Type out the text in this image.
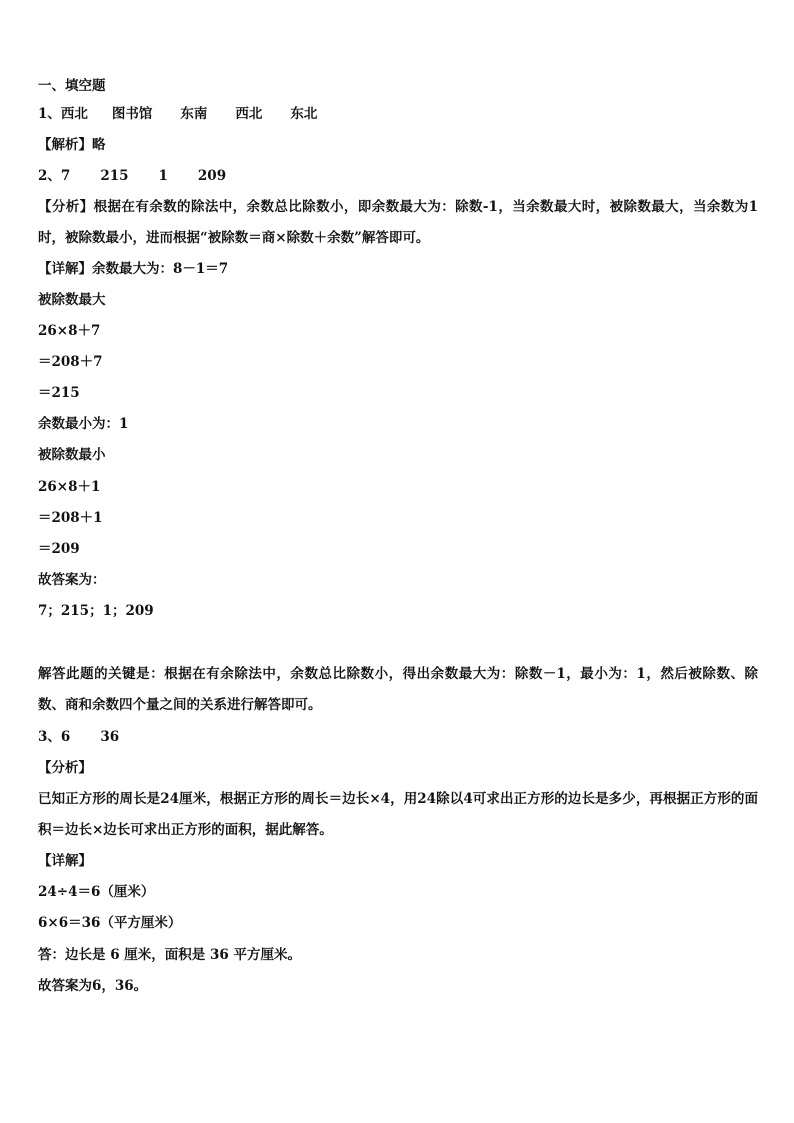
一、填空题
1、西北 图书馆 东南 西北 东北
【解析】略
2、7 215 1 209
【分析】根据在有余数的除法中，余数总比除数小，即余数最大为：除数-1，当余数最大时，被除数最大，当余数为1时，被除数最小，进而根据“被除数＝商×除数＋余数”解答即可。
【详解】余数最大为：8－1＝7
被除数最大
26×8＋7
＝208＋7
＝215
余数最小为：1
被除数最小
26×8＋1
＝208＋1
＝209
故答案为：
7；215；1；209
解答此题的关键是：根据在有余除法中，余数总比除数小，得出余数最大为：除数－1，最小为：1，然后被除数、除数、商和余数四个量之间的关系进行解答即可。
3、6 36
【分析】
已知正方形的周长是24厘米，根据正方形的周长＝边长×4，用24除以4可求出正方形的边长是多少，再根据正方形的面积＝边长×边长可求出正方形的面积，据此解答。
【详解】
24÷4＝6（厘米）
6×6＝36（平方厘米）
答：边长是 6 厘米，面积是 36 平方厘米。
故答案为6，36。
